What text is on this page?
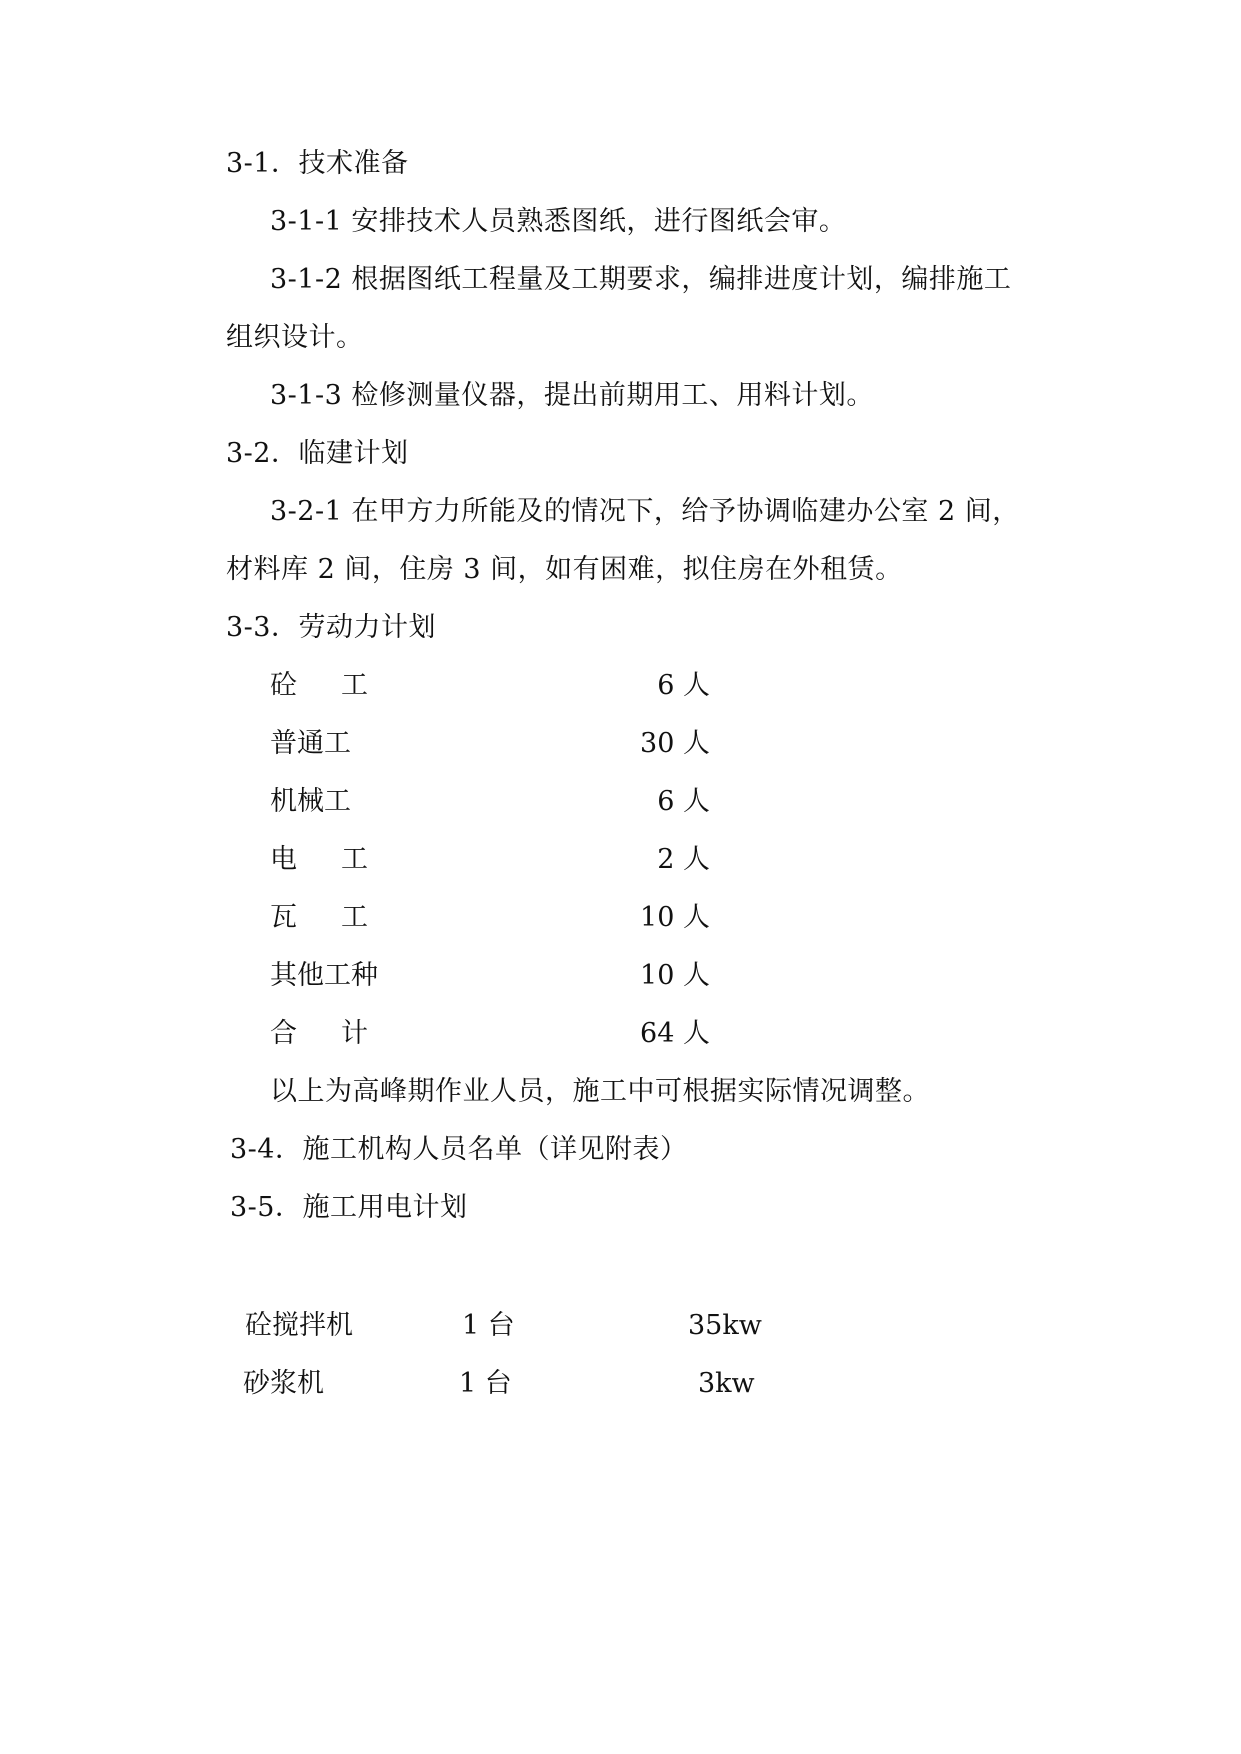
3-1．技术准备
3-1-1 安排技术人员熟悉图纸，进行图纸会审。
3-1-2 根据图纸工程量及工期要求，编排进度计划，编排施工
组织设计。
3-1-3 检修测量仪器，提出前期用工、用料计划。
3-2．临建计划
3-2-1 在甲方力所能及的情况下，给予协调临建办公室 2 间，
材料库 2 间，住房 3 间，如有困难，拟住房在外租赁。
3-3．劳动力计划
砼工	6 人
普通工	30 人
机械工	6 人
电工	2 人
瓦工	10 人
其他工种	10 人
合计	64 人
以上为高峰期作业人员，施工中可根据实际情况调整。
3-4．施工机构人员名单（详见附表）
3-5．施工用电计划
砼搅拌机	1 台	35kw
砂浆机	1 台	3kw
